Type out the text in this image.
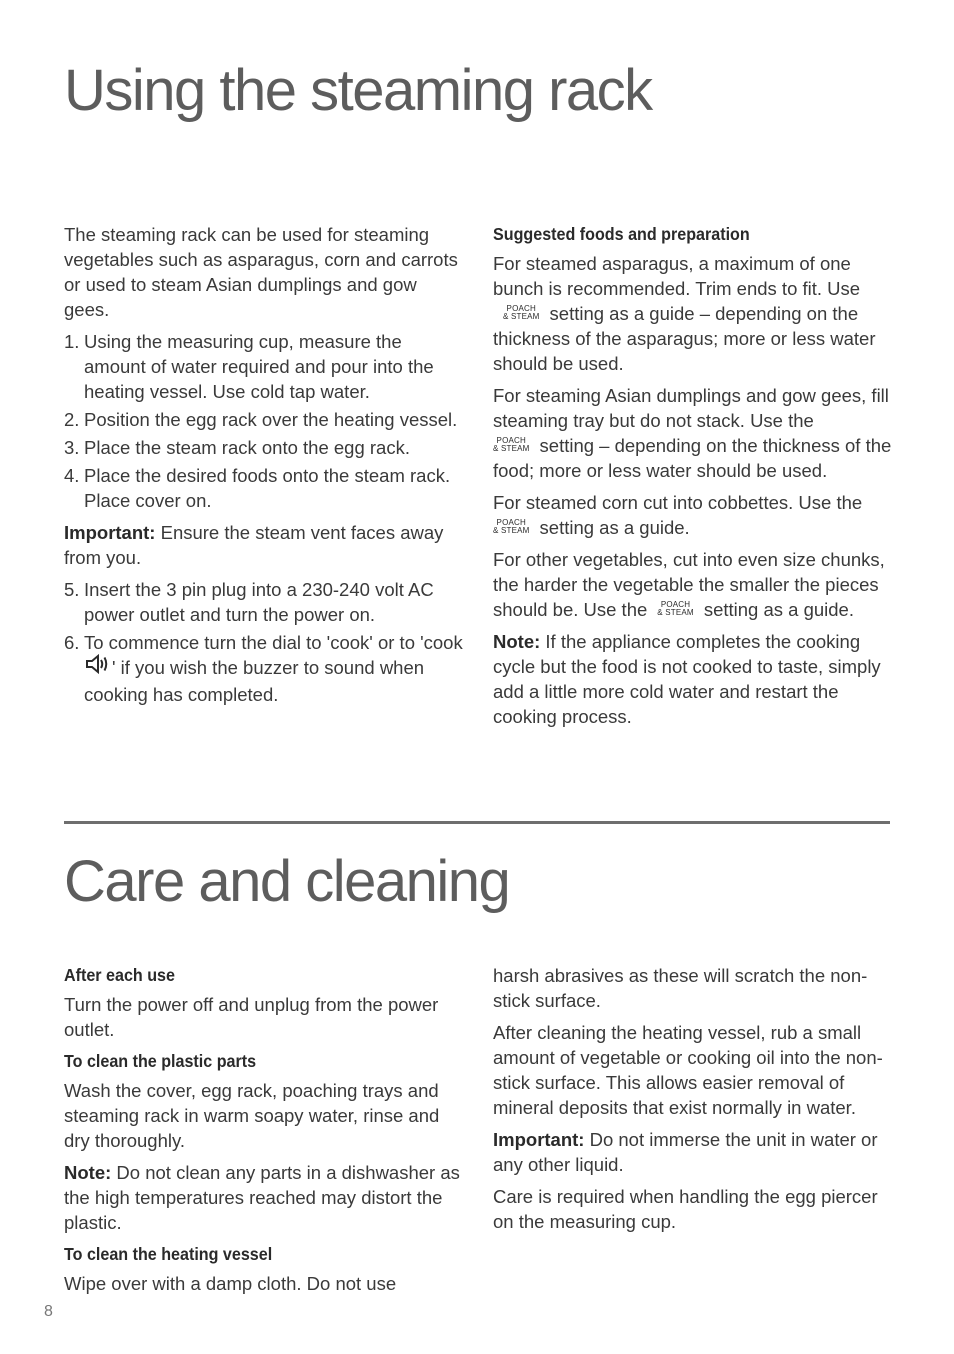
Using the steaming rack

The steaming rack can be used for steaming vegetables such as asparagus, corn and carrots or used to steam Asian dumplings and gow gees.

1. Using the measuring cup, measure the amount of water required and pour into the heating vessel. Use cold tap water.
2. Position the egg rack over the heating vessel.
3. Place the steam rack onto the egg rack.
4. Place the desired foods onto the steam rack. Place cover on.

Important: Ensure the steam vent faces away from you.

5. Insert the 3 pin plug into a 230-240 volt AC power outlet and turn the power on.
6. To commence turn the dial to 'cook' or to 'cook ' if you wish the buzzer to sound when cooking has completed.
Suggested foods and preparation

For steamed asparagus, a maximum of one bunch is recommended. Trim ends to fit. Use
POACH
& STEAM setting as a guide – depending on the thickness of the asparagus; more or less water should be used.

For steaming Asian dumplings and gow gees, fill steaming tray but do not stack. Use the

POACH
& STEAM setting – depending on the thickness of the food; more or less water should be used.

For steamed corn cut into cobbettes. Use the

POACH
& STEAM setting as a guide.

For other vegetables, cut into even size chunks, the harder the vegetable the smaller the pieces should be. Use the	POACH
& STEAM setting as a guide.

Note: If the appliance completes the cooking cycle but the food is not cooked to taste, simply add a little more cold water and restart the cooking process.

Care and cleaning
After each use

Turn the power off and unplug from the power outlet.

To clean the plastic parts

Wash the cover, egg rack, poaching trays and steaming rack in warm soapy water, rinse and dry thoroughly.

Note: Do not clean any parts in a dishwasher as the high temperatures reached may distort the plastic.

To clean the heating vessel

Wipe over with a damp cloth. Do not use

harsh abrasives as these will scratch the non-stick surface.

After cleaning the heating vessel, rub a small amount of vegetable or cooking oil into the non-stick surface. This allows easier removal of mineral deposits that exist normally in water.

Important: Do not immerse the unit in water or any other liquid.

Care is required when handling the egg piercer on the measuring cup.

8
